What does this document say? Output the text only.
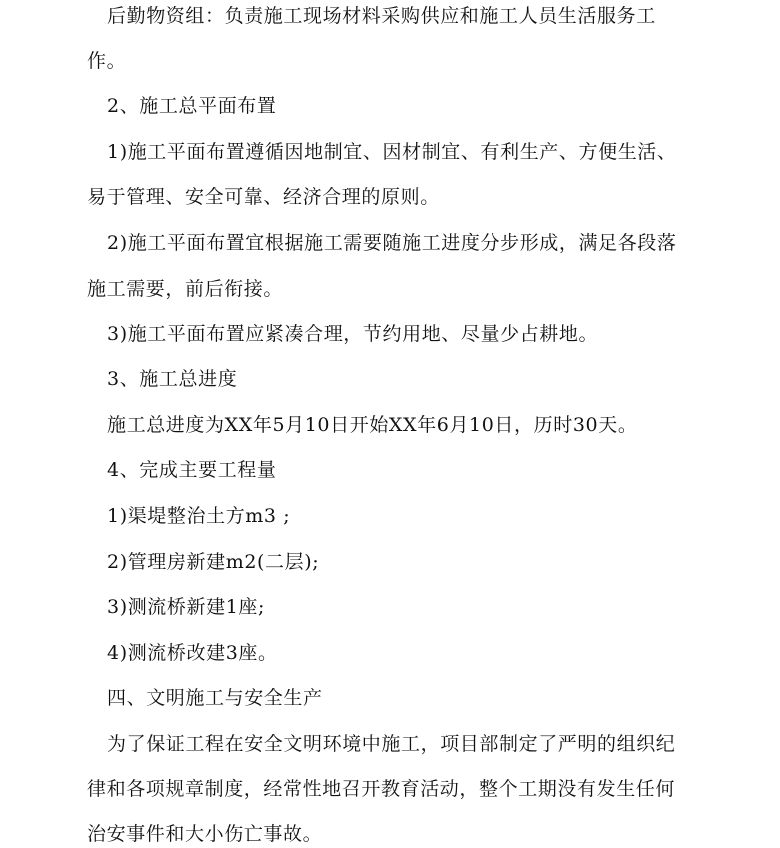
后勤物资组：负责施工现场材料采购供应和施工人员生活服务工
作。
2、施工总平面布置
1)施工平面布置遵循因地制宜、因材制宜、有利生产、方便生活、
易于管理、安全可靠、经济合理的原则。
2)施工平面布置宜根据施工需要随施工进度分步形成，满足各段落
施工需要，前后衔接。
3)施工平面布置应紧凑合理，节约用地、尽量少占耕地。
3、施工总进度
施工总进度为XX年5月10日开始XX年6月10日，历时30天。
4、完成主要工程量
1)渠堤整治土方m3 ;
2)管理房新建m2(二层);
3)测流桥新建1座;
4)测流桥改建3座。
四、文明施工与安全生产
为了保证工程在安全文明环境中施工，项目部制定了严明的组织纪
律和各项规章制度，经常性地召开教育活动，整个工期没有发生任何
治安事件和大小伤亡事故。
